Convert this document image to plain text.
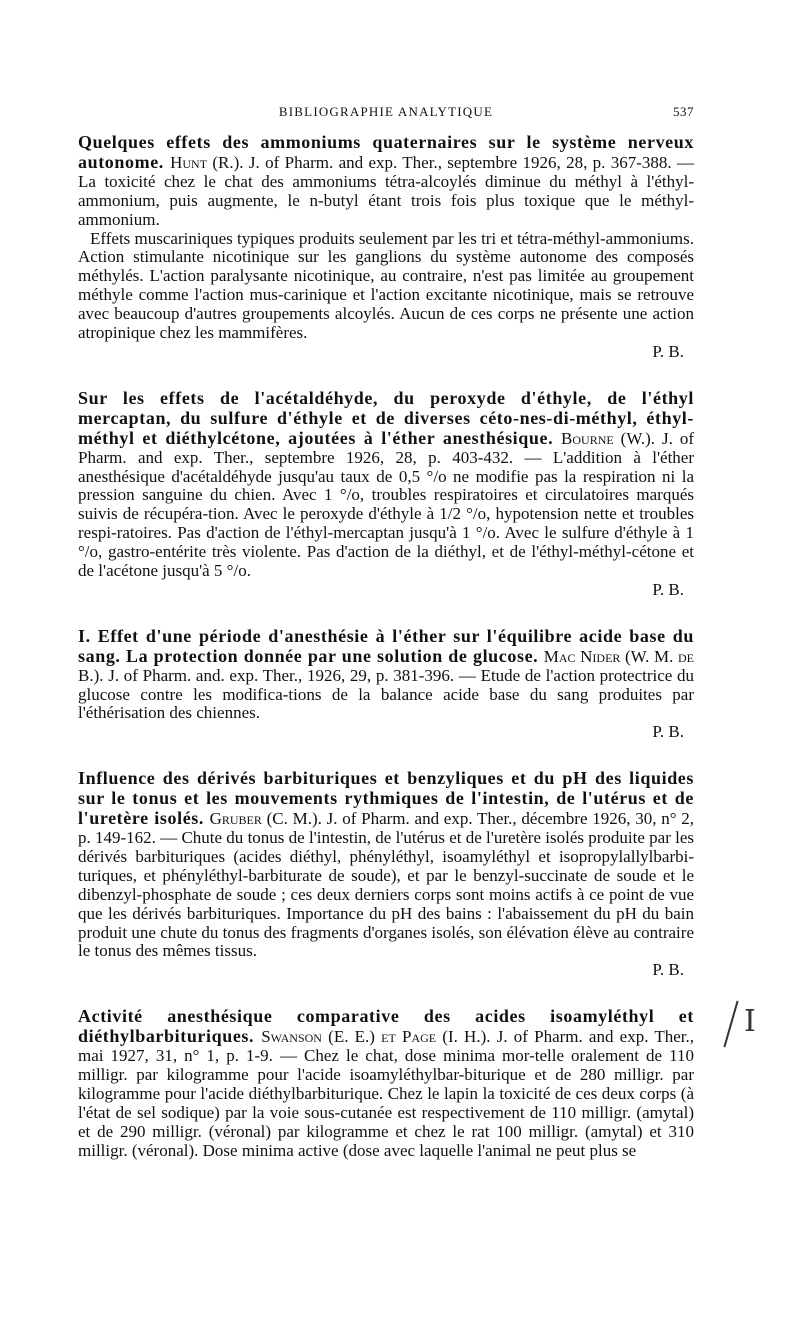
BIBLIOGRAPHIE ANALYTIQUE	537
Quelques effets des ammoniums quaternaires sur le système nerveux autonome. Hunt (R.). J. of Pharm. and exp. Ther., septembre 1926, 28, p. 367-388. — La toxicité chez le chat des ammoniums tétra-alcoylés diminue du méthyl à l'éthyl-ammonium, puis augmente, le n-butyl étant trois fois plus toxique que le méthyl-ammonium.
Effets muscariniques typiques produits seulement par les tri et tétra-méthyl-ammoniums. Action stimulante nicotinique sur les ganglions du système autonome des composés méthylés. L'action paralysante nicotinique, au contraire, n'est pas limitée au groupement méthyle comme l'action mus-carinique et l'action excitante nicotinique, mais se retrouve avec beaucoup d'autres groupements alcoylés. Aucun de ces corps ne présente une action atropinique chez les mammifères.
P. B.
Sur les effets de l'acétaldéhyde, du peroxyde d'éthyle, de l'éthyl mercaptan, du sulfure d'éthyle et de diverses céto-nes-di-méthyl, éthyl-méthyl et diéthylcétone, ajoutées à l'éther anesthésique. Bourne (W.). J. of Pharm. and exp. Ther., septembre 1926, 28, p. 403-432. — L'addition à l'éther anesthésique d'acétaldéhyde jusqu'au taux de 0,5 °/o ne modifie pas la respiration ni la pression sanguine du chien. Avec 1 °/o, troubles respiratoires et circulatoires marqués suivis de récupéra-tion. Avec le peroxyde d'éthyle à 1/2 °/o, hypotension nette et troubles respi-ratoires. Pas d'action de l'éthyl-mercaptan jusqu'à 1 °/o. Avec le sulfure d'éthyle à 1 °/o, gastro-entérite très violente. Pas d'action de la diéthyl, et de l'éthyl-méthyl-cétone et de l'acétone jusqu'à 5 °/o.
P. B.
I. Effet d'une période d'anesthésie à l'éther sur l'équilibre acide base du sang. La protection donnée par une solution de glucose. Mac Nider (W. M. de B.). J. of Pharm. and. exp. Ther., 1926, 29, p. 381-396. — Etude de l'action protectrice du glucose contre les modifica-tions de la balance acide base du sang produites par l'éthérisation des chiennes.
P. B.
Influence des dérivés barbituriques et benzyliques et du pH des liquides sur le tonus et les mouvements rythmiques de l'intestin, de l'utérus et de l'uretère isolés. Gruber (C. M.). J. of Pharm. and exp. Ther., décembre 1926, 30, n° 2, p. 149-162. — Chute du tonus de l'intestin, de l'utérus et de l'uretère isolés produite par les dérivés barbituriques (acides diéthyl, phényléthyl, isoamyléthyl et isopropylallylbarbi-turiques, et phényléthyl-barbiturate de soude), et par le benzyl-succinate de soude et le dibenzyl-phosphate de soude ; ces deux derniers corps sont moins actifs à ce point de vue que les dérivés barbituriques. Importance du pH des bains : l'abaissement du pH du bain produit une chute du tonus des fragments d'organes isolés, son élévation élève au contraire le tonus des mêmes tissus.
P. B.
Activité anesthésique comparative des acides isoamyléthyl et diéthylbarbituriques. Swanson (E. E.) et Page (I. H.). J. of Pharm. and exp. Ther., mai 1927, 31, n° 1, p. 1-9. — Chez le chat, dose minima mor-telle oralement de 110 milligr. par kilogramme pour l'acide isoamyléthylbar-biturique et de 280 milligr. par kilogramme pour l'acide diéthylbarbiturique. Chez le lapin la toxicité de ces deux corps (à l'état de sel sodique) par la voie sous-cutanée est respectivement de 110 milligr. (amytal) et de 290 milligr. (véronal) par kilogramme et chez le rat 100 milligr. (amytal) et 310 milligr. (véronal). Dose minima active (dose avec laquelle l'animal ne peut plus se
I
